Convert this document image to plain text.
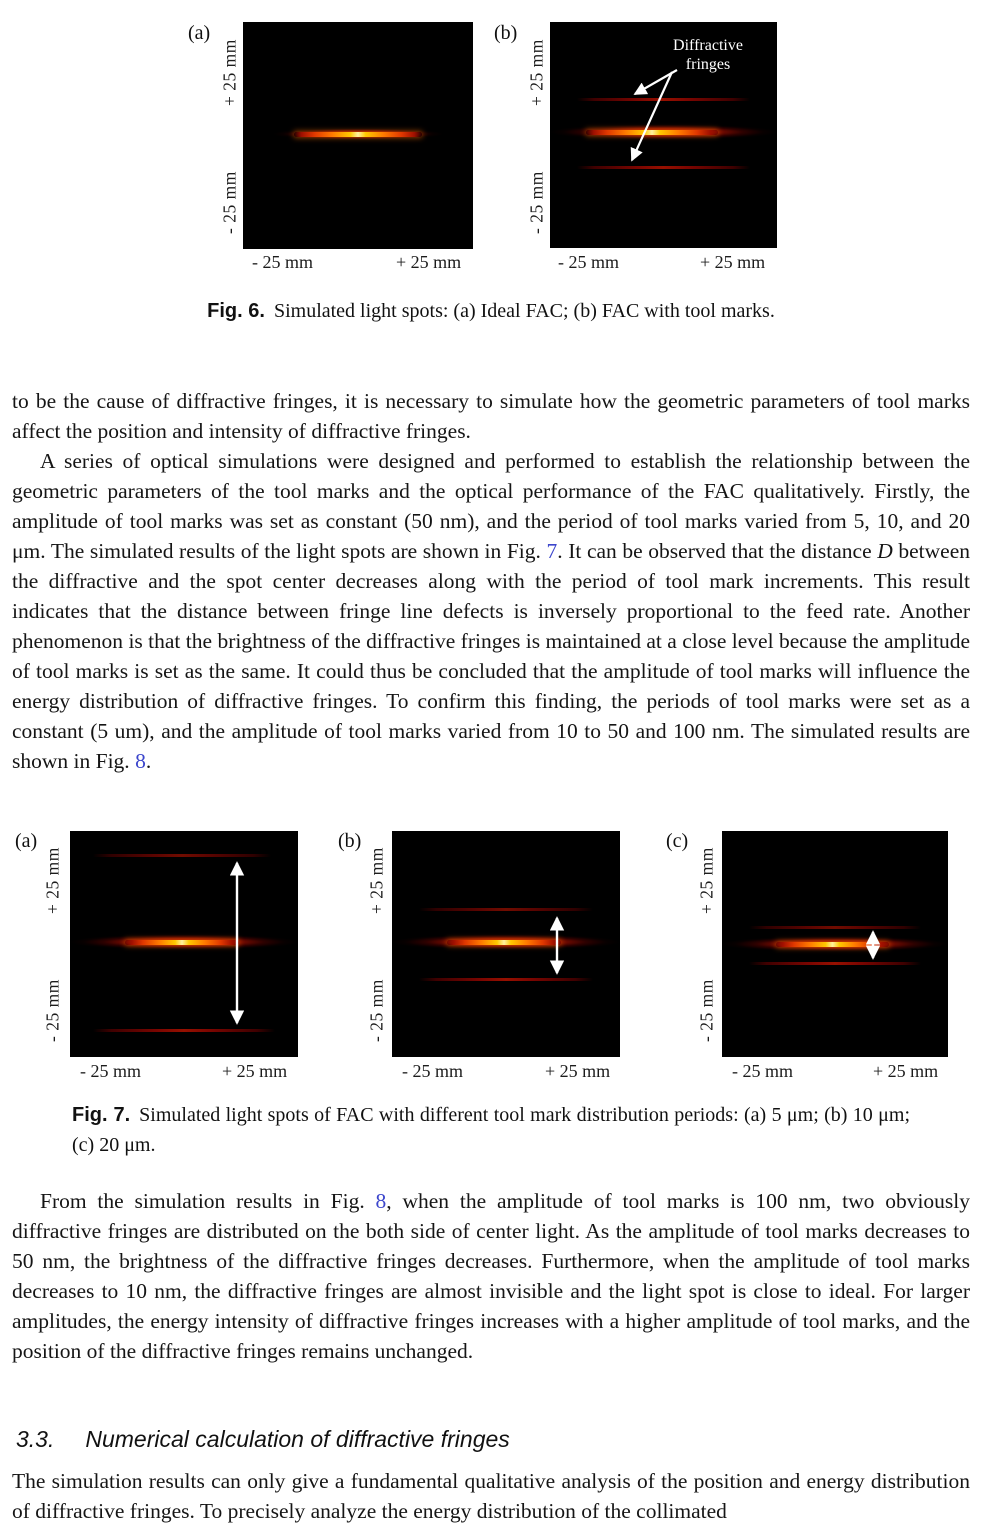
(a)
+ 25 mm
- 25 mm
- 25 mm	+ 25 mm
(b)
+ 25 mm
- 25 mm
Diffractive fringes
- 25 mm	+ 25 mm
Fig. 6. Simulated light spots: (a) Ideal FAC; (b) FAC with tool marks.

to be the cause of diffractive fringes, it is necessary to simulate how the geometric parameters of tool marks affect the position and intensity of diffractive fringes.

A series of optical simulations were designed and performed to establish the relationship between the geometric parameters of the tool marks and the optical performance of the FAC qualitatively. Firstly, the amplitude of tool marks was set as constant (50 nm), and the period of tool marks varied from 5, 10, and 20 μm. The simulated results of the light spots are shown in Fig. 7. It can be observed that the distance D between the diffractive and the spot center decreases along with the period of tool mark increments. This result indicates that the distance between fringe line defects is inversely proportional to the feed rate. Another phenomenon is that the brightness of the diffractive fringes is maintained at a close level because the amplitude of tool marks is set as the same. It could thus be concluded that the amplitude of tool marks will influence the energy distribution of diffractive fringes. To confirm this finding, the periods of tool marks were set as a constant (5 um), and the amplitude of tool marks varied from 10 to 50 and 100 nm. The simulated results are shown in Fig. 8.

(a)
+ 25 mm
- 25 mm
- 25 mm	+ 25 mm
(b)
+ 25 mm
- 25 mm
- 25 mm	+ 25 mm
(c)
+ 25 mm
- 25 mm
- 25 mm	+ 25 mm
Fig. 7. Simulated light spots of FAC with different tool mark distribution periods: (a) 5 μm; (b) 10 μm; (c) 20 μm.

From the simulation results in Fig. 8, when the amplitude of tool marks is 100 nm, two obviously diffractive fringes are distributed on the both side of center light. As the amplitude of tool marks decreases to 50 nm, the brightness of the diffractive fringes decreases. Furthermore, when the amplitude of tool marks decreases to 10 nm, the diffractive fringes are almost invisible and the light spot is close to ideal. For larger amplitudes, the energy intensity of diffractive fringes increases with a higher amplitude of tool marks, and the position of the diffractive fringes remains unchanged.

3.3. Numerical calculation of diffractive fringes

The simulation results can only give a fundamental qualitative analysis of the position and energy distribution of diffractive fringes. To precisely analyze the energy distribution of the collimated
